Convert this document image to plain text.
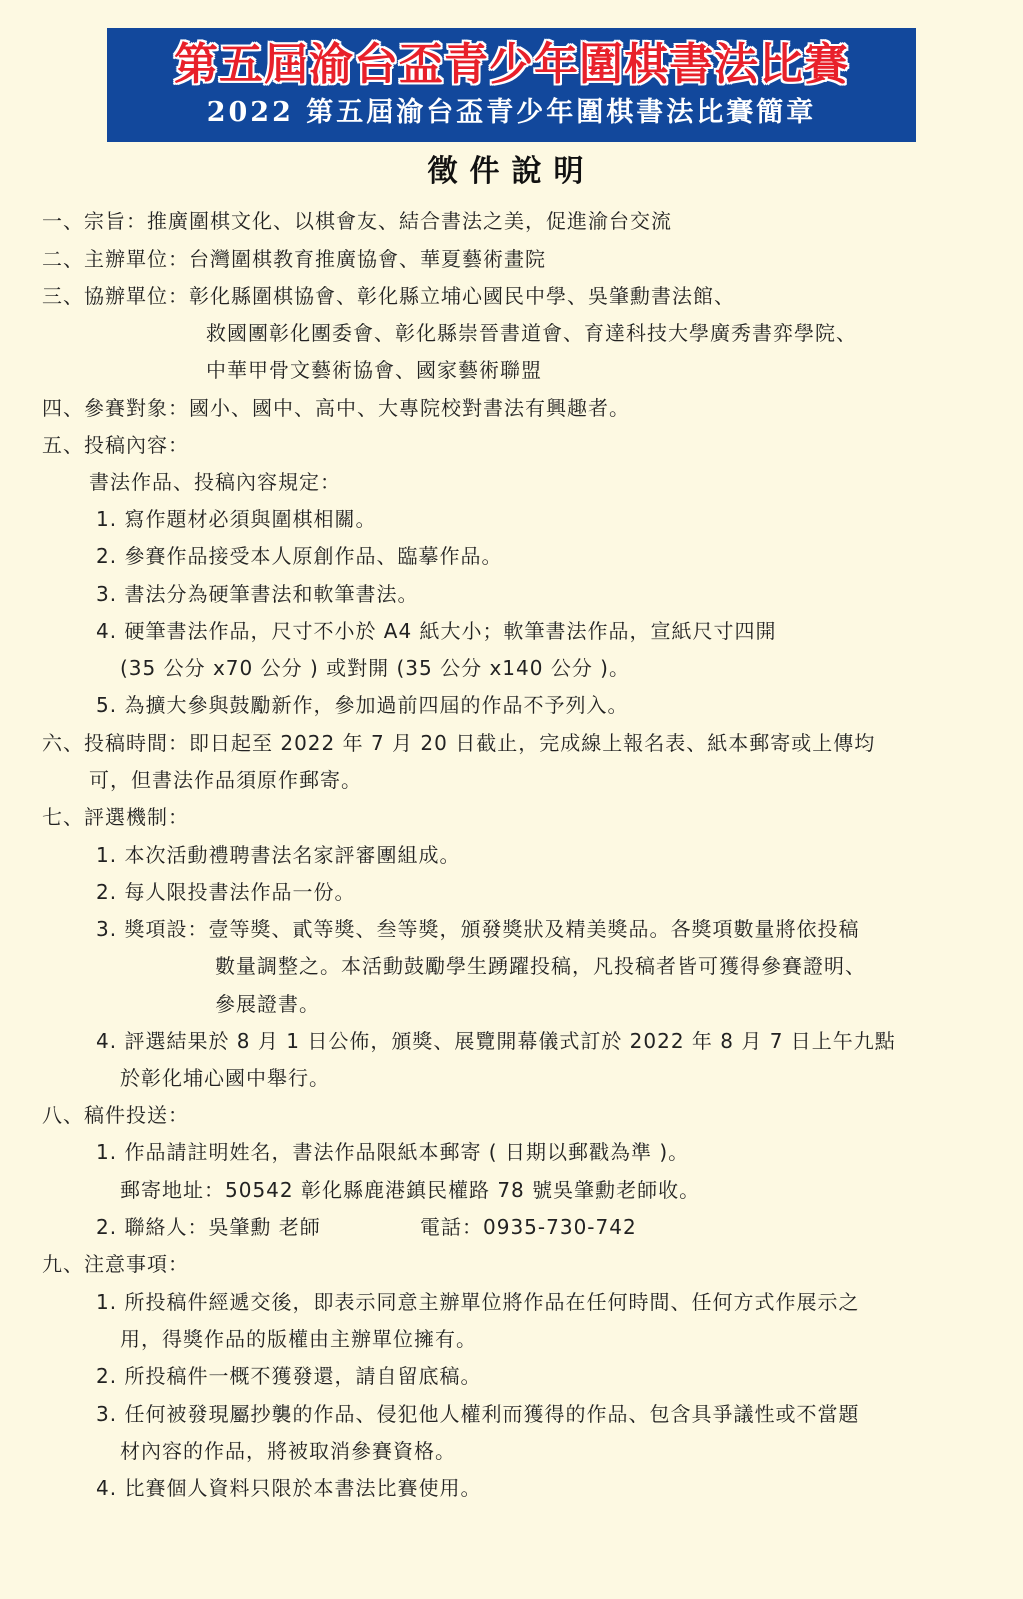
第五屆渝台盃青少年圍棋書法比賽
2022 第五屆渝台盃青少年圍棋書法比賽簡章
徵件說明
一、宗旨：推廣圍棋文化、以棋會友、結合書法之美，促進渝台交流
二、主辦單位：台灣圍棋教育推廣協會、華夏藝術畫院
三、協辦單位：彰化縣圍棋協會、彰化縣立埔心國民中學、吳肇勳書法館、
救國團彰化團委會、彰化縣崇晉書道會、育達科技大學廣秀書弈學院、
中華甲骨文藝術協會、國家藝術聯盟
四、參賽對象：國小、國中、高中、大專院校對書法有興趣者。
五、投稿內容：
書法作品、投稿內容規定：
1. 寫作題材必須與圍棋相關。
2. 參賽作品接受本人原創作品、臨摹作品。
3. 書法分為硬筆書法和軟筆書法。
4. 硬筆書法作品，尺寸不小於 A4 紙大小；軟筆書法作品，宣紙尺寸四開
(35 公分 x70 公分 ) 或對開 (35 公分 x140 公分 )。
5. 為擴大參與鼓勵新作，參加過前四屆的作品不予列入。
六、投稿時間：即日起至 2022 年 7 月 20 日截止，完成線上報名表、紙本郵寄或上傳均
可，但書法作品須原作郵寄。
七、評選機制：
1. 本次活動禮聘書法名家評審團組成。
2. 每人限投書法作品一份。
3. 獎項設：壹等獎、貳等獎、叁等獎，頒發獎狀及精美獎品。各獎項數量將依投稿
數量調整之。本活動鼓勵學生踴躍投稿，凡投稿者皆可獲得參賽證明、
參展證書。
4. 評選結果於 8 月 1 日公佈，頒獎、展覽開幕儀式訂於 2022 年 8 月 7 日上午九點
於彰化埔心國中舉行。
八、稿件投送：
1. 作品請註明姓名，書法作品限紙本郵寄 ( 日期以郵戳為準 )。
郵寄地址：50542 彰化縣鹿港鎮民權路 78 號吳肇勳老師收。
2. 聯絡人：吳肇勳 老師	電話：0935-730-742
九、注意事項：
1. 所投稿件經遞交後，即表示同意主辦單位將作品在任何時間、任何方式作展示之
用，得獎作品的版權由主辦單位擁有。
2. 所投稿件一概不獲發還，請自留底稿。
3. 任何被發現屬抄襲的作品、侵犯他人權利而獲得的作品、包含具爭議性或不當題
材內容的作品，將被取消參賽資格。
4. 比賽個人資料只限於本書法比賽使用。
